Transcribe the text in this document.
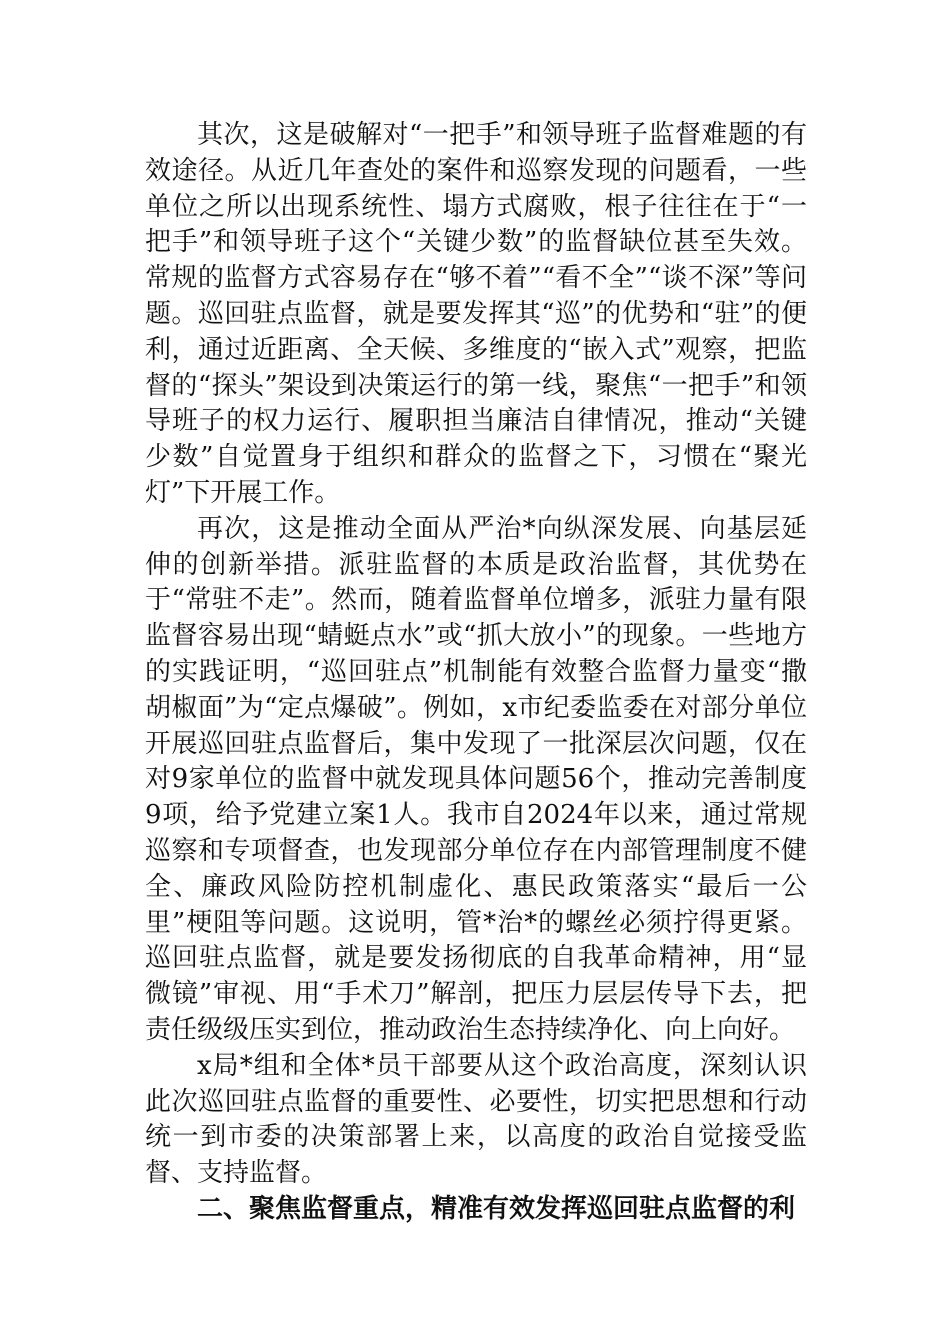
其次，这是破解对“一把手”和领导班子监督难题的有效途径。从近几年查处的案件和巡察发现的问题看，一些单位之所以出现系统性、塌方式腐败，根子往往在于“一把手”和领导班子这个“关键少数”的监督缺位甚至失效。常规的监督方式容易存在“够不着”“看不全”“谈不深”等问题。巡回驻点监督，就是要发挥其“巡”的优势和“驻”的便利，通过近距离、全天候、多维度的“嵌入式”观察，把监督的“探头”架设到决策运行的第一线，聚焦“一把手”和领导班子的权力运行、履职担当廉洁自律情况，推动“关键少数”自觉置身于组织和群众的监督之下，习惯在“聚光灯”下开展工作。

再次，这是推动全面从严治*向纵深发展、向基层延伸的创新举措。派驻监督的本质是政治监督，其优势在于“常驻不走”。然而，随着监督单位增多，派驻力量有限监督容易出现“蜻蜓点水”或“抓大放小”的现象。一些地方的实践证明，“巡回驻点”机制能有效整合监督力量变“撒胡椒面”为“定点爆破”。例如，x市纪委监委在对部分单位开展巡回驻点监督后，集中发现了一批深层次问题，仅在对9家单位的监督中就发现具体问题56个，推动完善制度9项，给予党建立案1人。我市自2024年以来，通过常规巡察和专项督查，也发现部分单位存在内部管理制度不健全、廉政风险防控机制虚化、惠民政策落实“最后一公里”梗阻等问题。这说明，管*治*的螺丝必须拧得更紧。巡回驻点监督，就是要发扬彻底的自我革命精神，用“显微镜”审视、用“手术刀”解剖，把压力层层传导下去，把责任级级压实到位，推动政治生态持续净化、向上向好。

x局*组和全体*员干部要从这个政治高度，深刻认识此次巡回驻点监督的重要性、必要性，切实把思想和行动统一到市委的决策部署上来，以高度的政治自觉接受监督、支持监督。

二、聚焦监督重点，精准有效发挥巡回驻点监督的利
